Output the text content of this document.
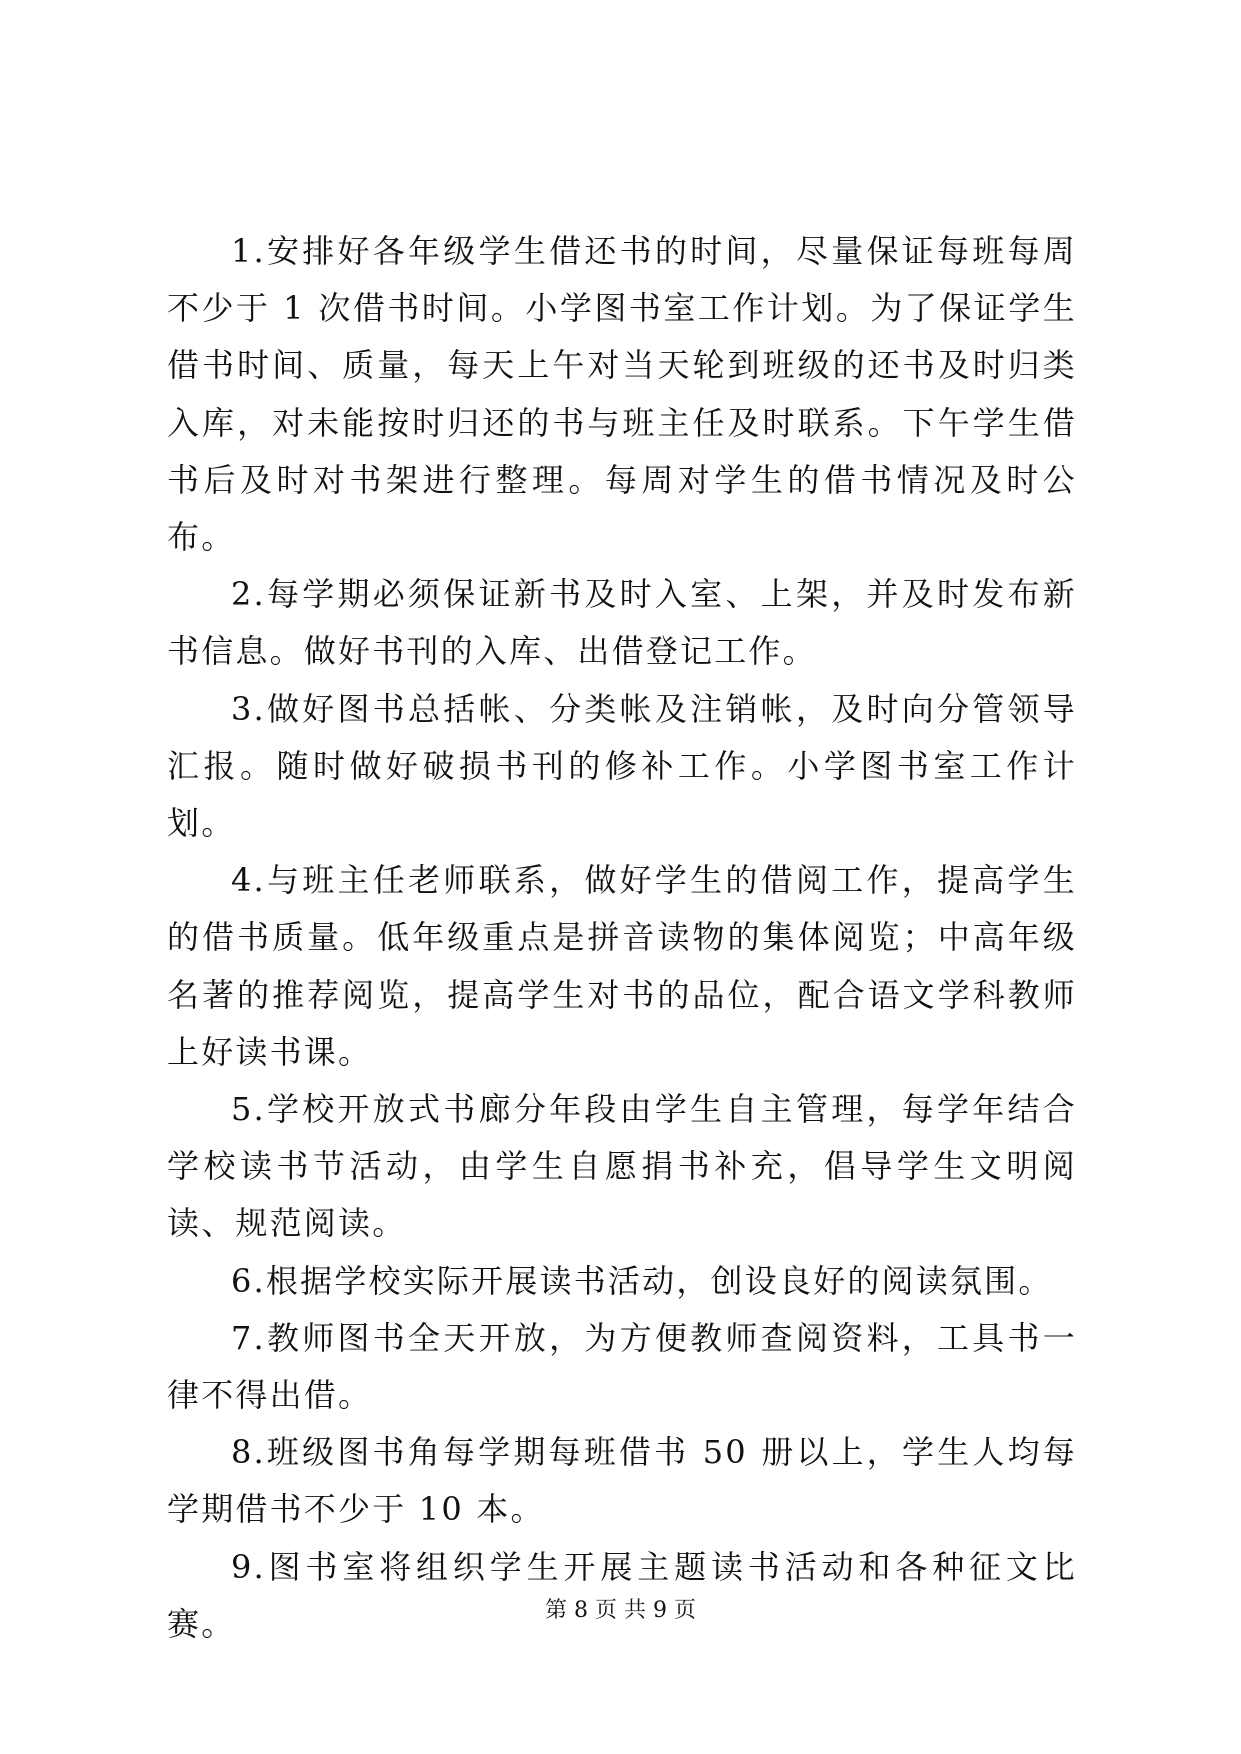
1.安排好各年级学生借还书的时间，尽量保证每班每周不少于 1 次借书时间。小学图书室工作计划。为了保证学生借书时间、质量，每天上午对当天轮到班级的还书及时归类入库，对未能按时归还的书与班主任及时联系。下午学生借书后及时对书架进行整理。每周对学生的借书情况及时公布。

2.每学期必须保证新书及时入室、上架，并及时发布新书信息。做好书刊的入库、出借登记工作。

3.做好图书总括帐、分类帐及注销帐，及时向分管领导汇报。随时做好破损书刊的修补工作。小学图书室工作计划。

4.与班主任老师联系，做好学生的借阅工作，提高学生的借书质量。低年级重点是拼音读物的集体阅览；中高年级名著的推荐阅览，提高学生对书的品位，配合语文学科教师上好读书课。

5.学校开放式书廊分年段由学生自主管理，每学年结合学校读书节活动，由学生自愿捐书补充，倡导学生文明阅读、规范阅读。

6.根据学校实际开展读书活动，创设良好的阅读氛围。

7.教师图书全天开放，为方便教师查阅资料，工具书一律不得出借。

8.班级图书角每学期每班借书 50 册以上，学生人均每学期借书不少于 10 本。

9.图书室将组织学生开展主题读书活动和各种征文比赛。	第 8 页 共 9 页
